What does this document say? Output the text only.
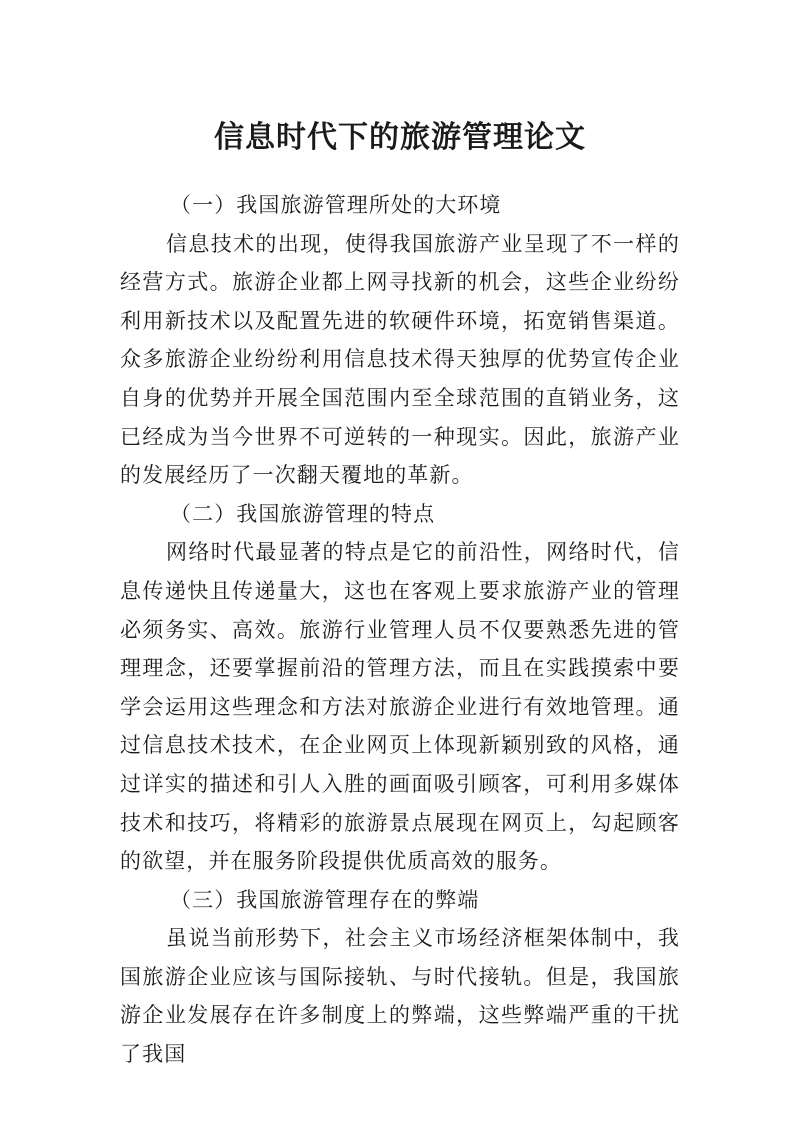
信息时代下的旅游管理论文

（一）我国旅游管理所处的大环境

信息技术的出现，使得我国旅游产业呈现了不一样的经营方式。旅游企业都上网寻找新的机会，这些企业纷纷利用新技术以及配置先进的软硬件环境，拓宽销售渠道。众多旅游企业纷纷利用信息技术得天独厚的优势宣传企业自身的优势并开展全国范围内至全球范围的直销业务，这已经成为当今世界不可逆转的一种现实。因此，旅游产业的发展经历了一次翻天覆地的革新。

（二）我国旅游管理的特点

网络时代最显著的特点是它的前沿性，网络时代，信息传递快且传递量大，这也在客观上要求旅游产业的管理必须务实、高效。旅游行业管理人员不仅要熟悉先进的管理理念，还要掌握前沿的管理方法，而且在实践摸索中要学会运用这些理念和方法对旅游企业进行有效地管理。通过信息技术技术，在企业网页上体现新颖别致的风格，通过详实的描述和引人入胜的画面吸引顾客，可利用多媒体技术和技巧，将精彩的旅游景点展现在网页上，勾起顾客的欲望，并在服务阶段提供优质高效的服务。

（三）我国旅游管理存在的弊端

虽说当前形势下，社会主义市场经济框架体制中，我国旅游企业应该与国际接轨、与时代接轨。但是，我国旅游企业发展存在许多制度上的弊端，这些弊端严重的干扰了我国
